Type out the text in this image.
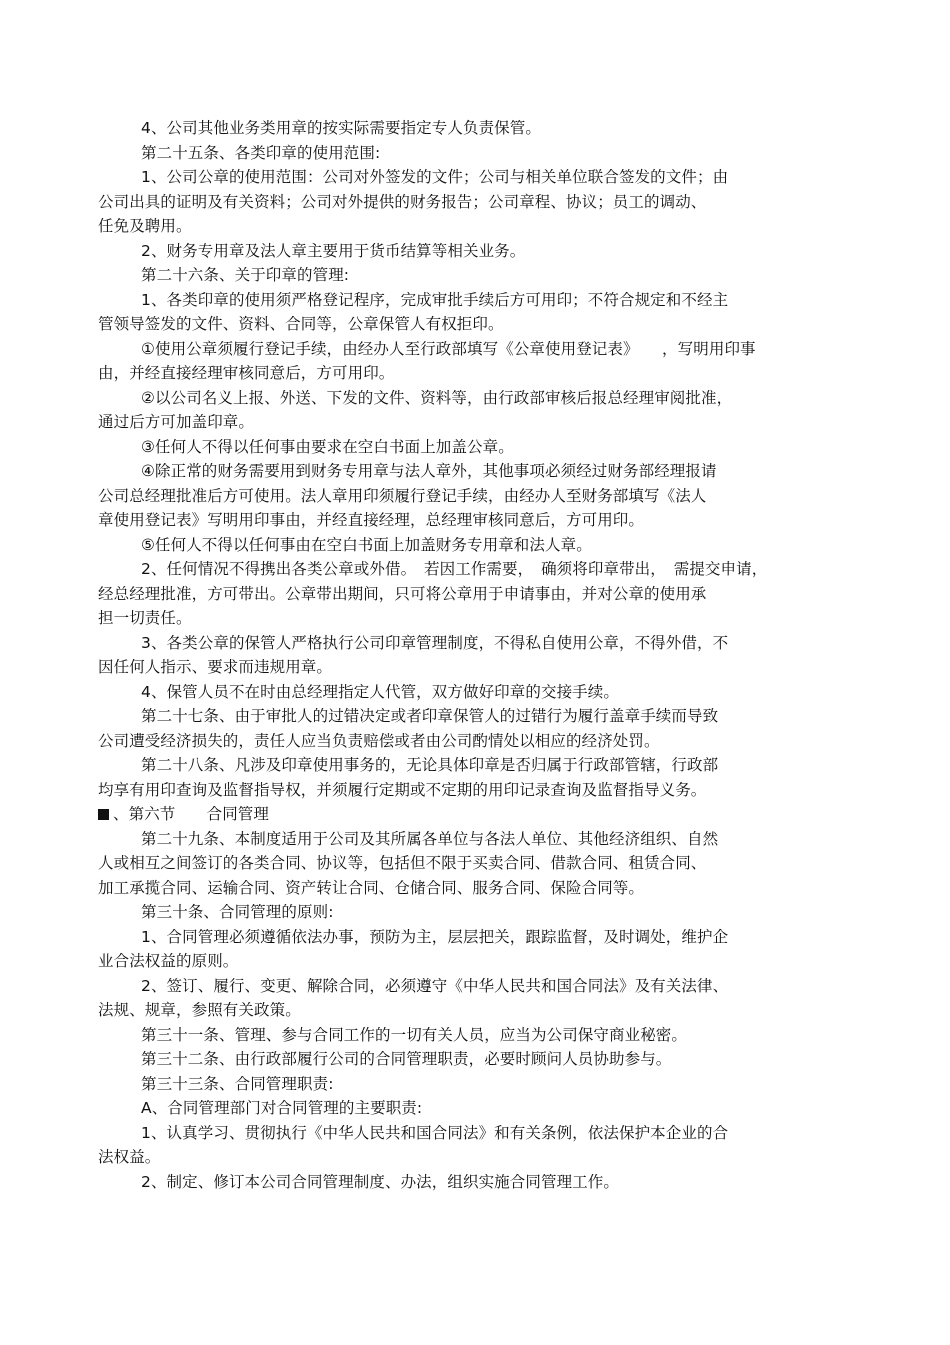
4、公司其他业务类用章的按实际需要指定专人负责保管。
第二十五条、各类印章的使用范围:
1、公司公章的使用范围：公司对外签发的文件；公司与相关单位联合签发的文件；由
公司出具的证明及有关资料；公司对外提供的财务报告；公司章程、协议；员工的调动、
任免及聘用。
2、财务专用章及法人章主要用于货币结算等相关业务。
第二十六条、关于印章的管理:
1、各类印章的使用须严格登记程序，完成审批手续后方可用印；不符合规定和不经主
管领导签发的文件、资料、合同等，公章保管人有权拒印。
①使用公章须履行登记手续，由经办人至行政部填写《公章使用登记表》　　，写明用印事
由，并经直接经理审核同意后，方可用印。
②以公司名义上报、外送、下发的文件、资料等，由行政部审核后报总经理审阅批准，
通过后方可加盖印章。
③任何人不得以任何事由要求在空白书面上加盖公章。
④除正常的财务需要用到财务专用章与法人章外，其他事项必须经过财务部经理报请
公司总经理批准后方可使用。法人章用印须履行登记手续，由经办人至财务部填写《法人
章使用登记表》写明用印事由，并经直接经理，总经理审核同意后，方可用印。
⑤任何人不得以任何事由在空白书面上加盖财务专用章和法人章。
2、任何情况不得携出各类公章或外借。　若因工作需要，　确须将印章带出，　需提交申请，
经总经理批准，方可带出。公章带出期间，只可将公章用于申请事由，并对公章的使用承
担一切责任。
3、各类公章的保管人严格执行公司印章管理制度，不得私自使用公章，不得外借，不
因任何人指示、要求而违规用章。
4、保管人员不在时由总经理指定人代管，双方做好印章的交接手续。
第二十七条、由于审批人的过错决定或者印章保管人的过错行为履行盖章手续而导致
公司遭受经济损失的，责任人应当负责赔偿或者由公司酌情处以相应的经济处罚。
第二十八条、凡涉及印章使用事务的，无论具体印章是否归属于行政部管辖，行政部
均享有用印查询及监督指导权，并须履行定期或不定期的用印记录查询及监督指导义务。
、第六节　　合同管理
第二十九条、本制度适用于公司及其所属各单位与各法人单位、其他经济组织、自然
人或相互之间签订的各类合同、协议等，包括但不限于买卖合同、借款合同、租赁合同、
加工承揽合同、运输合同、资产转让合同、仓储合同、服务合同、保险合同等。
第三十条、合同管理的原则:
1、合同管理必须遵循依法办事，预防为主，层层把关，跟踪监督，及时调处，维护企
业合法权益的原则。
2、签订、履行、变更、解除合同，必须遵守《中华人民共和国合同法》及有关法律、
法规、规章，参照有关政策。
第三十一条、管理、参与合同工作的一切有关人员，应当为公司保守商业秘密。
第三十二条、由行政部履行公司的合同管理职责，必要时顾问人员协助参与。
第三十三条、合同管理职责:
A、合同管理部门对合同管理的主要职责:
1、认真学习、贯彻执行《中华人民共和国合同法》和有关条例，依法保护本企业的合
法权益。
2、制定、修订本公司合同管理制度、办法，组织实施合同管理工作。
